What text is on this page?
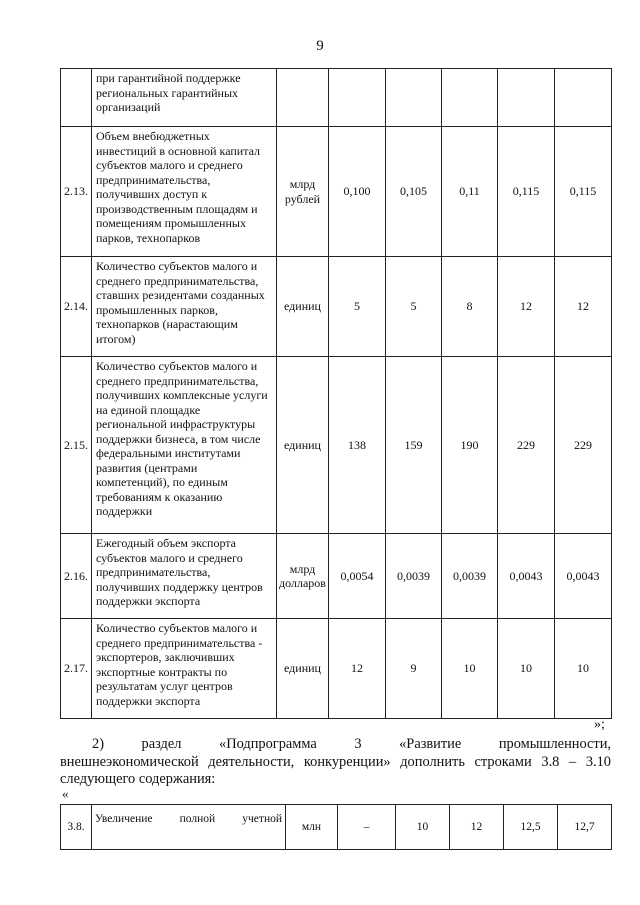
9
	при гарантийной поддержке региональных гарантийных организаций						
2.13.	Объем внебюджетных инвестиций в основной капитал субъектов малого и среднего предпринимательства, получивших доступ к производственным площадям и помещениям промышленных парков, технопарков	млрд рублей	0,100	0,105	0,11	0,115	0,115
2.14.	Количество субъектов малого и среднего предпринимательства, ставших резидентами созданных промышленных парков, технопарков (нарастающим итогом)	единиц	5	5	8	12	12
2.15.	Количество субъектов малого и среднего предпринимательства, получивших комплексные услуги на единой площадке региональной инфраструктуры поддержки бизнеса, в том числе федеральными институтами развития (центрами компетенций), по единым требованиям к оказанию поддержки	единиц	138	159	190	229	229
2.16.	Ежегодный объем экспорта субъектов малого и среднего предпринимательства, получивших поддержку центров поддержки экспорта	млрд долларов	0,0054	0,0039	0,0039	0,0043	0,0043
2.17.	Количество субъектов малого и среднего предпринимательства - экспортеров, заключивших экспортные контракты по результатам услуг центров поддержки экспорта	единиц	12	9	10	10	10
»;
2) раздел «Подпрограмма 3 «Развитие промышленности,
внешнеэкономической деятельности, конкуренции» дополнить строками 3.8 – 3.10 следующего содержания:
«
3.8.	Увеличение полной учетной	млн	–	10	12	12,5	12,7
